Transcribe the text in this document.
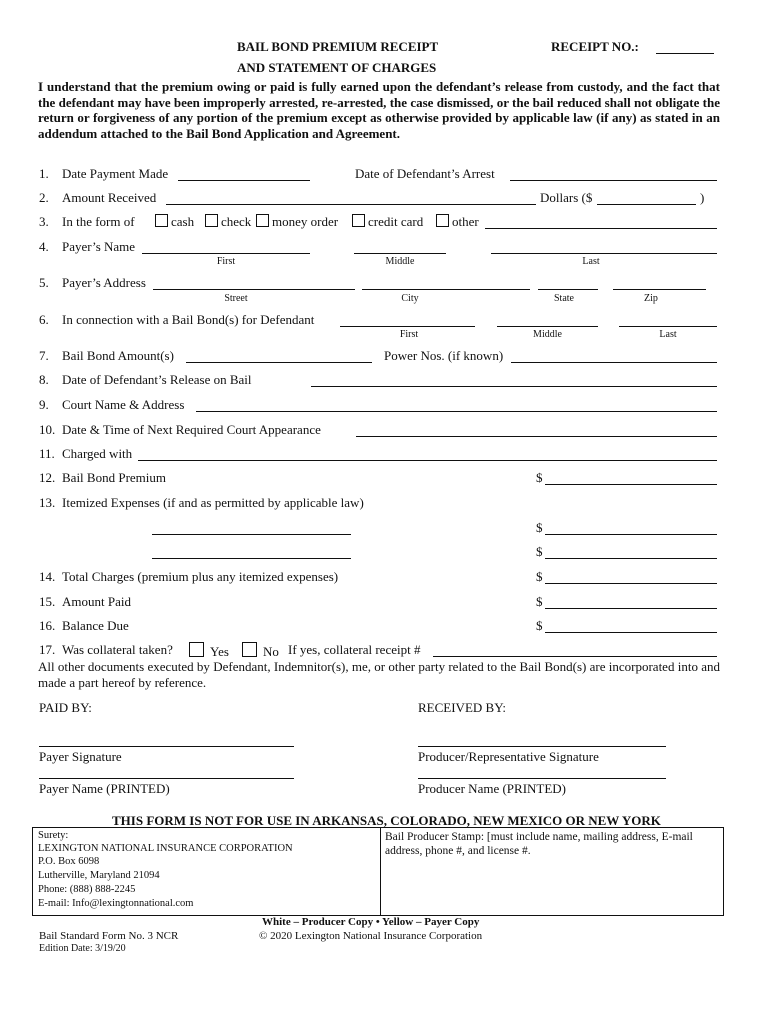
BAIL BOND PREMIUM RECEIPT
AND STATEMENT OF CHARGES
RECEIPT NO.:
I understand that the premium owing or paid is fully earned upon the defendant’s release from custody, and the fact that the defendant may have been improperly arrested, re-arrested, the case dismissed, or the bail reduced shall not obligate the return or forgiveness of any portion of the premium except as otherwise provided by applicable law (if any) as stated in an addendum attached to the Bail Bond Application and Agreement.
1. Date Payment Made	Date of Defendant’s Arrest
2. Amount Received	Dollars ($	)
3. In the form of	cash	check	money order	credit card	other
4. Payer’s Name
First	Middle	Last
5. Payer’s Address
Street	City	State	Zip
6. In connection with a Bail Bond(s) for Defendant
First	Middle	Last
7. Bail Bond Amount(s)	Power Nos. (if known)
8. Date of Defendant’s Release on Bail
9. Court Name & Address
10. Date & Time of Next Required Court Appearance
11. Charged with
12. Bail Bond Premium	$
13. Itemized Expenses (if and as permitted by applicable law)
$
$
14. Total Charges (premium plus any itemized expenses)	$
15. Amount Paid	$
16. Balance Due	$
17. Was collateral taken?	Yes	No If yes, collateral receipt #
All other documents executed by Defendant, Indemnitor(s), me, or other party related to the Bail Bond(s) are incorporated into and made a part hereof by reference.
PAID BY:	RECEIVED BY:
Payer Signature	Producer/Representative Signature
Payer Name (PRINTED)	Producer Name (PRINTED)
THIS FORM IS NOT FOR USE IN ARKANSAS, COLORADO, NEW MEXICO OR NEW YORK
Surety:
LEXINGTON NATIONAL INSURANCE CORPORATION
P.O. Box 6098
Lutherville, Maryland 21094
Phone: (888) 888-2245
E-mail: Info@lexingtonnational.com
Bail Producer Stamp: [must include name, mailing address, E-mail address, phone #, and license #.
White – Producer Copy • Yellow – Payer Copy
© 2020 Lexington National Insurance Corporation
Bail Standard Form No. 3 NCR
Edition Date: 3/19/20
